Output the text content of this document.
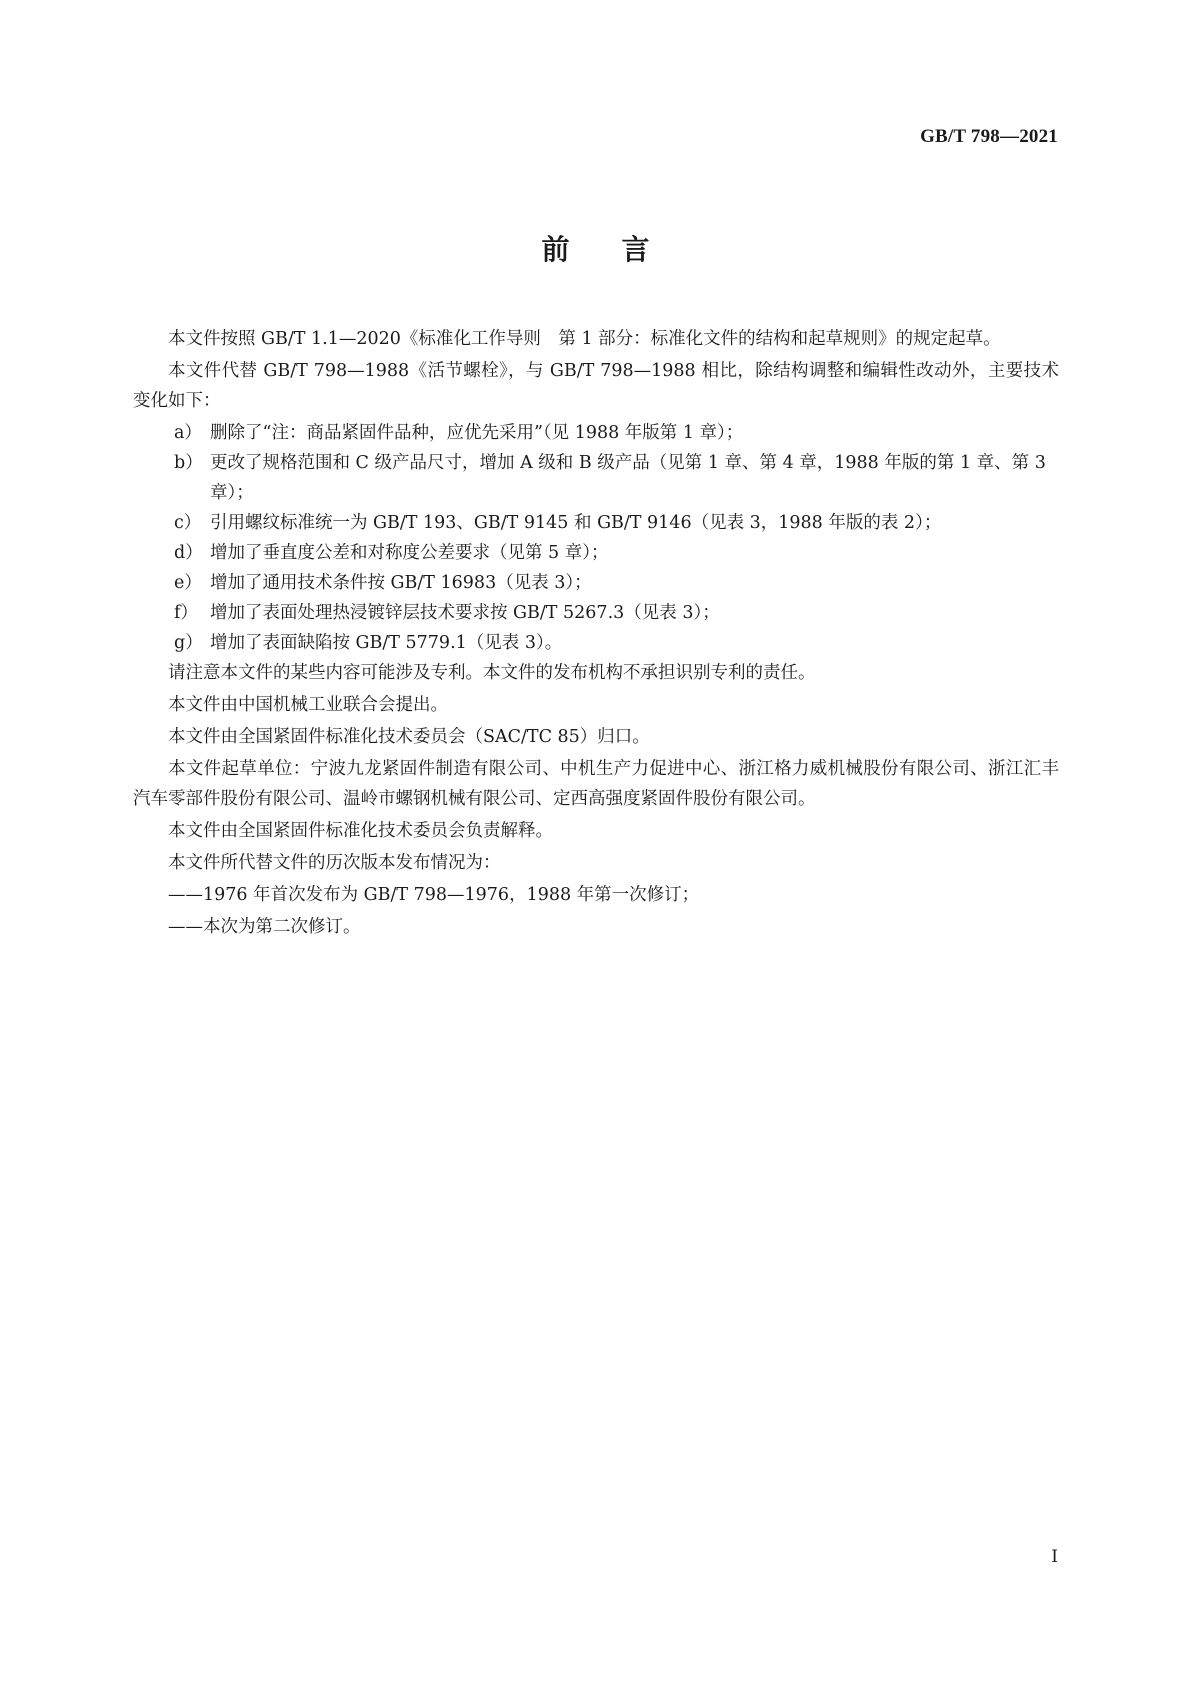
GB/T 798—2021
前言

本文件按照 GB/T 1.1—2020《标准化工作导则　第 1 部分：标准化文件的结构和起草规则》的规定起草。

本文件代替 GB/T 798—1988《活节螺栓》，与 GB/T 798—1988 相比，除结构调整和编辑性改动外，主要技术变化如下：

a） 删除了“注：商品紧固件品种，应优先采用”（见 1988 年版第 1 章）；
b） 更改了规格范围和 C 级产品尺寸，增加 A 级和 B 级产品（见第 1 章、第 4 章，1988 年版的第 1 章、第 3 章）；
c） 引用螺纹标准统一为 GB/T 193、GB/T 9145 和 GB/T 9146（见表 3，1988 年版的表 2）；
d） 增加了垂直度公差和对称度公差要求（见第 5 章）；
e） 增加了通用技术条件按 GB/T 16983（见表 3）；
f） 增加了表面处理热浸镀锌层技术要求按 GB/T 5267.3（见表 3）；
g） 增加了表面缺陷按 GB/T 5779.1（见表 3）。

请注意本文件的某些内容可能涉及专利。本文件的发布机构不承担识别专利的责任。

本文件由中国机械工业联合会提出。

本文件由全国紧固件标准化技术委员会（SAC/TC 85）归口。

本文件起草单位：宁波九龙紧固件制造有限公司、中机生产力促进中心、浙江格力威机械股份有限公司、浙江汇丰汽车零部件股份有限公司、温岭市螺钢机械有限公司、定西高强度紧固件股份有限公司。

本文件由全国紧固件标准化技术委员会负责解释。

本文件所代替文件的历次版本发布情况为：

——1976 年首次发布为 GB/T 798—1976，1988 年第一次修订；

——本次为第二次修订。

I
